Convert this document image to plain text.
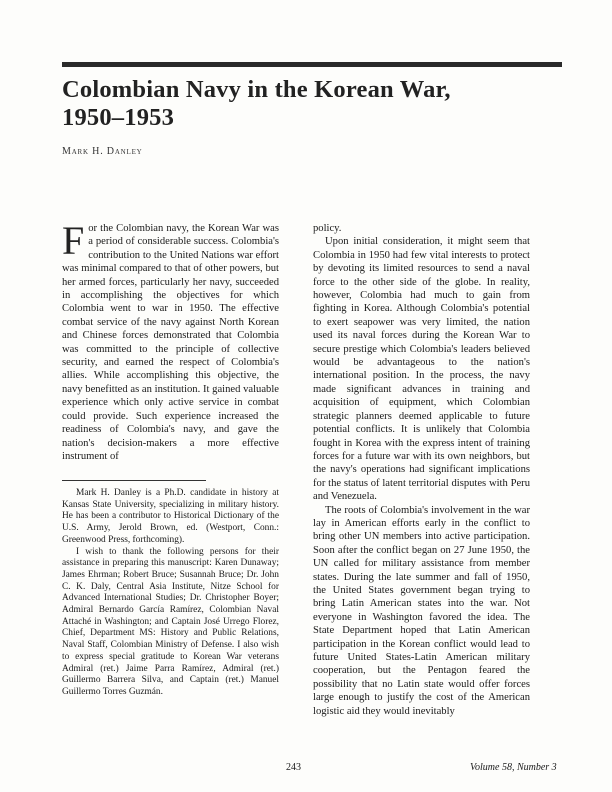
Colombian Navy in the Korean War,
1950–1953
Mark H. Danley

For the Colombian navy, the Korean War was a period of considerable success. Colombia's contribution to the United Nations war effort was minimal compared to that of other powers, but her armed forces, particularly her navy, succeeded in accomplishing the objectives for which Colombia went to war in 1950. The effective combat service of the navy against North Korean and Chinese forces demonstrated that Colombia was committed to the principle of collective security, and earned the respect of Colombia's allies. While accomplishing this objective, the navy benefitted as an institution. It gained valuable experience which only active service in combat could provide. Such experience increased the readiness of Colombia's navy, and gave the nation's decision-makers a more effective instrument of

Mark H. Danley is a Ph.D. candidate in history at Kansas State University, specializing in military history. He has been a contributor to Historical Dictionary of the U.S. Army, Jerold Brown, ed. (Westport, Conn.: Greenwood Press, forthcoming).

I wish to thank the following persons for their assistance in preparing this manuscript: Karen Dunaway; James Ehrman; Robert Bruce; Susannah Bruce; Dr. John C. K. Daly, Central Asia Institute, Nitze School for Advanced International Studies; Dr. Christopher Boyer; Admiral Bernardo García Ramírez, Colombian Naval Attaché in Washington; and Captain José Urrego Florez, Chief, Department MS: History and Public Relations, Naval Staff, Colombian Ministry of Defense. I also wish to express special gratitude to Korean War veterans Admiral (ret.) Jaime Parra Ramírez, Admiral (ret.) Guillermo Barrera Silva, and Captain (ret.) Manuel Guillermo Torres Guzmán.

policy.

Upon initial consideration, it might seem that Colombia in 1950 had few vital interests to protect by devoting its limited resources to send a naval force to the other side of the globe. In reality, however, Colombia had much to gain from fighting in Korea. Although Colombia's potential to exert seapower was very limited, the nation used its naval forces during the Korean War to secure prestige which Colombia's leaders believed would be advantageous to the nation's international position. In the process, the navy made significant advances in training and acquisition of equipment, which Colombian strategic planners deemed applicable to future potential conflicts. It is unlikely that Colombia fought in Korea with the express intent of training forces for a future war with its own neighbors, but the navy's operations had significant implications for the status of latent territorial disputes with Peru and Venezuela.

The roots of Colombia's involvement in the war lay in American efforts early in the conflict to bring other UN members into active participation. Soon after the conflict began on 27 June 1950, the UN called for military assistance from member states. During the late summer and fall of 1950, the United States government began trying to bring Latin American states into the war. Not everyone in Washington favored the idea. The State Department hoped that Latin American participation in the Korean conflict would lead to future United States-Latin American military cooperation, but the Pentagon feared the possibility that no Latin state would offer forces large enough to justify the cost of the American logistic aid they would inevitably

243	Volume 58, Number 3
